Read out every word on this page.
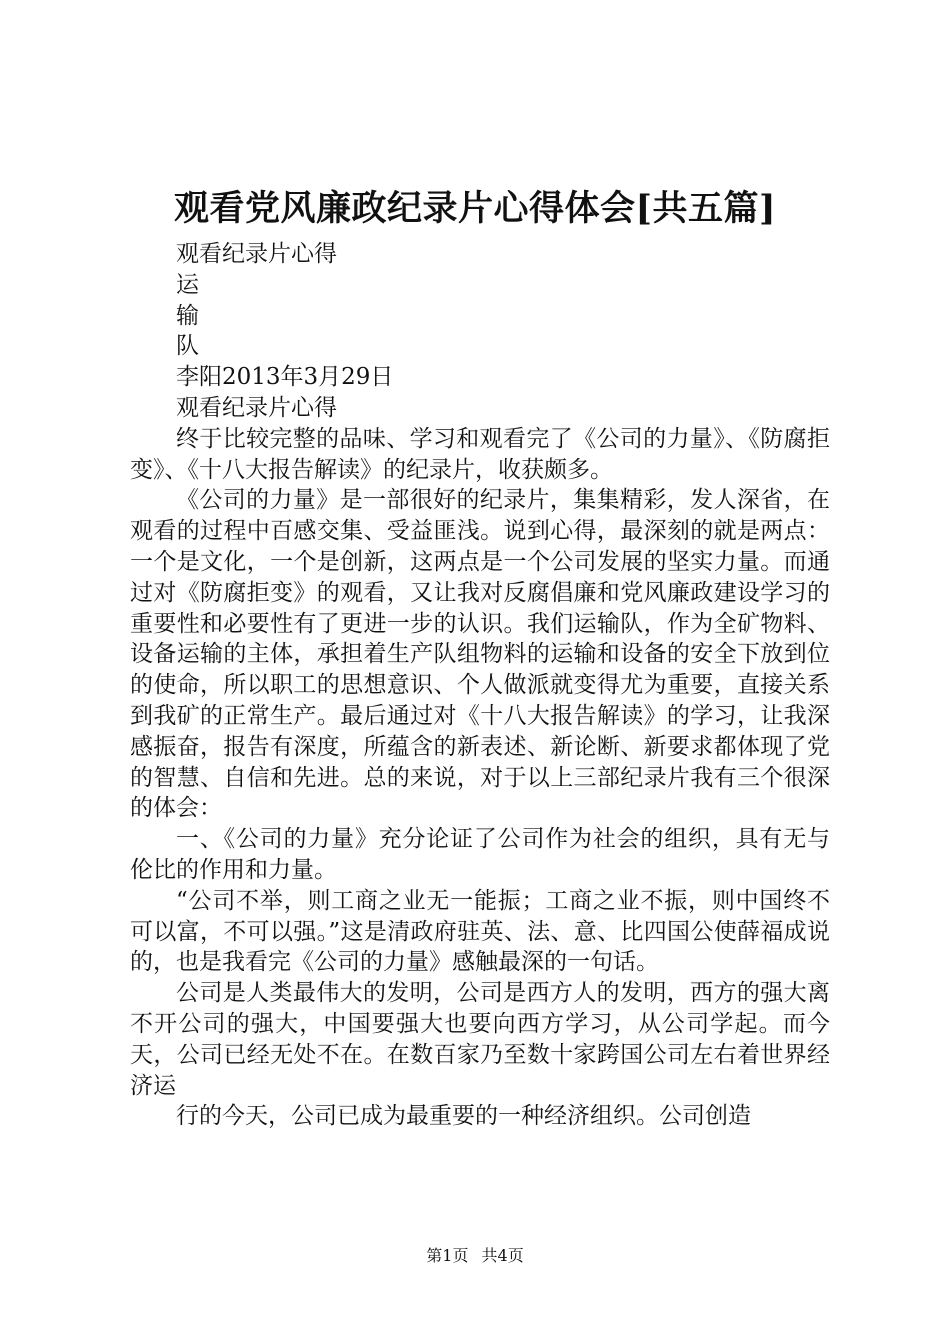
观看党风廉政纪录片心得体会[共五篇]

观看纪录片心得

运

输

队

李阳2013年3月29日

观看纪录片心得

终于比较完整的品味、学习和观看完了《公司的力量》、《防腐拒变》、《十八大报告解读》的纪录片，收获颇多。

《公司的力量》是一部很好的纪录片，集集精彩，发人深省，在观看的过程中百感交集、受益匪浅。说到心得，最深刻的就是两点：一个是文化，一个是创新，这两点是一个公司发展的坚实力量。而通过对《防腐拒变》的观看，又让我对反腐倡廉和党风廉政建设学习的重要性和必要性有了更进一步的认识。我们运输队，作为全矿物料、设备运输的主体，承担着生产队组物料的运输和设备的安全下放到位的使命，所以职工的思想意识、个人做派就变得尤为重要，直接关系到我矿的正常生产。最后通过对《十八大报告解读》的学习，让我深感振奋，报告有深度，所蕴含的新表述、新论断、新要求都体现了党的智慧、自信和先进。总的来说，对于以上三部纪录片我有三个很深的体会：

一、《公司的力量》充分论证了公司作为社会的组织，具有无与伦比的作用和力量。

“公司不举，则工商之业无一能振；工商之业不振，则中国终不可以富，不可以强。”这是清政府驻英、法、意、比四国公使薛福成说的，也是我看完《公司的力量》感触最深的一句话。

公司是人类最伟大的发明，公司是西方人的发明，西方的强大离不开公司的强大，中国要强大也要向西方学习，从公司学起。而今天，公司已经无处不在。在数百家乃至数十家跨国公司左右着世界经济运

行的今天，公司已成为最重要的一种经济组织。公司创造

第1页 共4页
